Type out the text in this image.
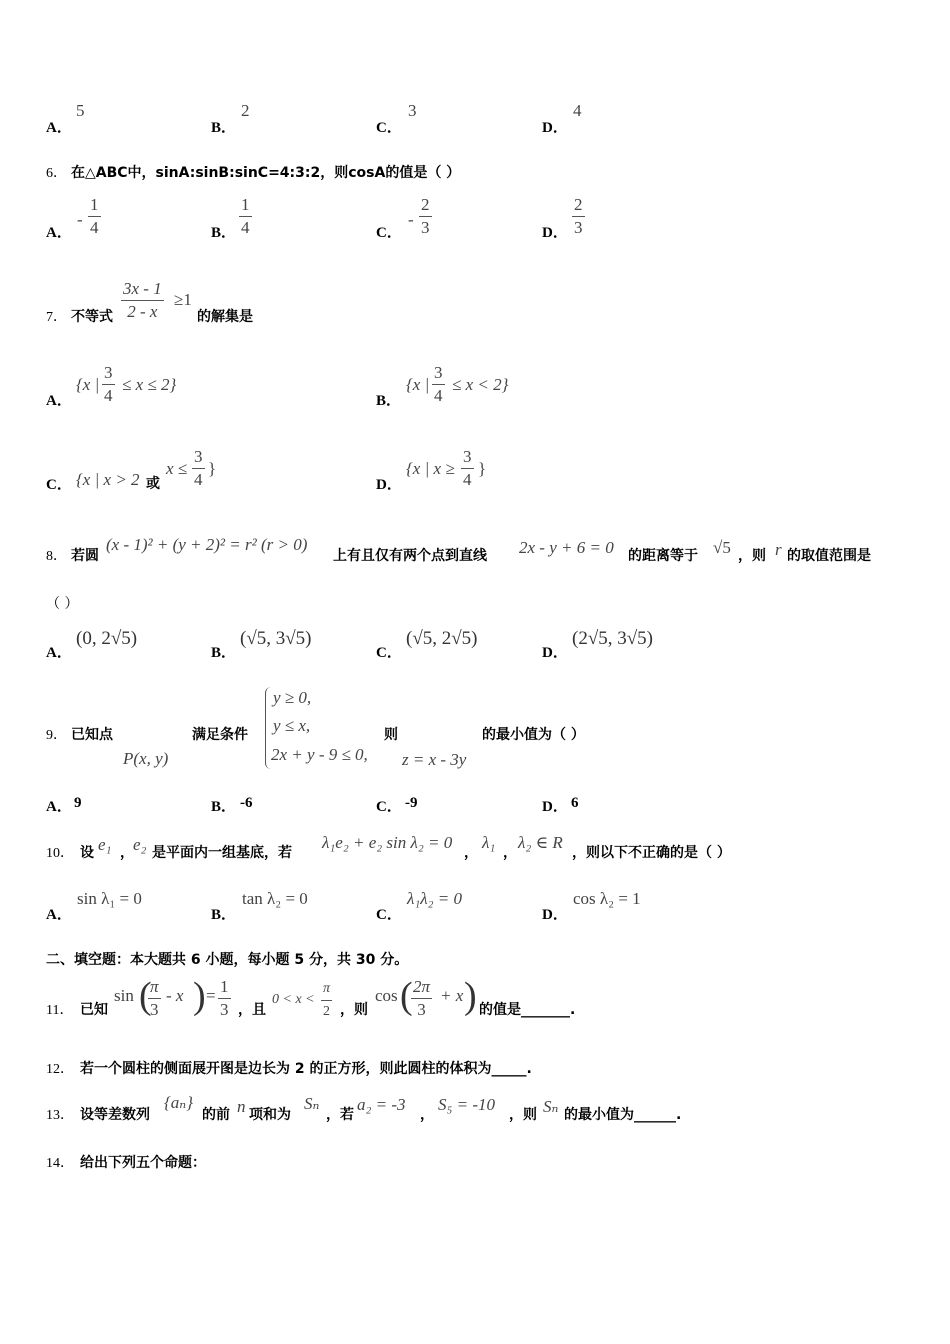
A．
5
B．
2
C．
3
D．
4
6． 在△ABC中，sinA:sinB:sinC=4:3:2，则cosA的值是（ ）
A．
-
1
4	B．
1
4	C．
-
2
3	D．
2
3
7． 不等式
3x - 1
2 - x
≥1
的解集是
A．
{x |
3
4
≤ x ≤ 2}
B．
{x |
3
4
≤ x < 2}
C． {x | x > 2 或
x ≤
3
4
}
D．
{x | x ≥
3
4
}
8． 若圆
(x - 1)² + (y + 2)² = r² (r > 0)
上有且仅有两个点到直线 2x - y + 6 = 0 的距离等于 √5 ，则 r 的取值范围是
（ ）
A．
(0, 2√5)
B．
(√5, 3√5)
C．
(√5, 2√5)
D．
(2√5, 3√5)
9． 已知点
P(x, y)
满足条件
y ≥ 0,
y ≤ x,
2x + y - 9 ≤ 0,
则
z = x - 3y
的最小值为（ ）
A． 9	B． -6	C． -9	D． 6
10． 设 e₁ ， e₂ 是平面内一组基底，若
λ₁e₂ + e₂ sin λ₂ = 0
，
λ₁
，
λ₂ ∈ R
，则以下不正确的是（ ）
A．
sin λ₁ = 0
B．
tan λ₂ = 0
C．
λ₁λ₂ = 0
D．
cos λ₂ = 1
二、填空题：本大题共 6 小题，每小题 5 分，共 30 分。
11． 已知
sin (
π
3
- x ) = 1
3 ，且
0 < x <
π
2 ，则
cos ( 2π
3
+ x ) 的值是_______.
12． 若一个圆柱的侧面展开图是边长为 2 的正方形，则此圆柱的体积为_____.
13． 设等差数列
{aₙ}
的前 n 项和为
Sₙ
，若
a₂ = -3
，
S₅ = -10
，则 Sₙ 的最小值为______.
14． 给出下列五个命题：
